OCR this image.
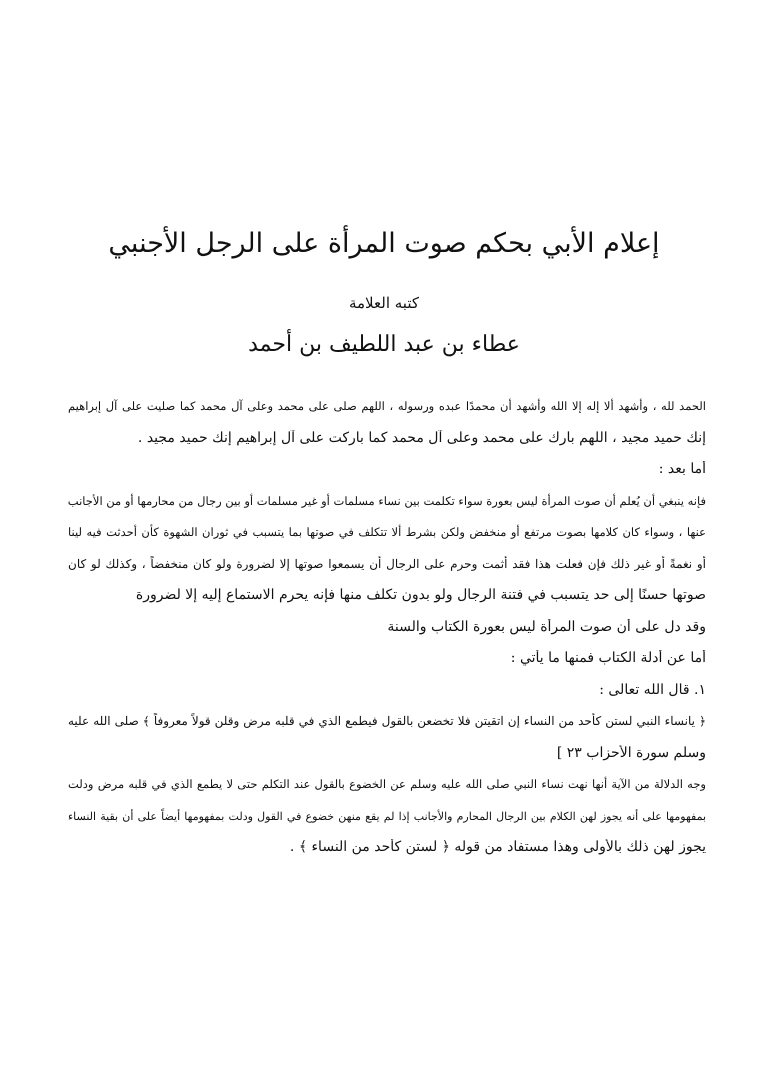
إعلام الأبي بحكم صوت المرأة على الرجل الأجنبي
كتبه العلامة
عطاء بن عبد اللطيف بن أحمد
الحمد لله ، وأشهد ألا إله إلا الله وأشهد أن محمدًا عبده ورسوله ، اللهم صلى على محمد وعلى آل محمد كما صليت على آل إبراهيم
إنك حميد مجيد ، اللهم بارك على محمد وعلى آل محمد كما باركت على آل إبراهيم إنك حميد مجيد .
أما بعد :
فإنه ينبغي أن يُعلم أن صوت المرأة ليس بعورة سواء تكلمت بين نساء مسلمات أو غير مسلمات أو بين رجال من محارمها أو من الأجانب
عنها ، وسواء كان كلامها بصوت مرتفع أو منخفض ولكن بشرط ألا تتكلف في صوتها بما يتسبب في ثوران الشهوة كأن أحدثت فيه لينا
أو نغمةً أو غير ذلك فإن فعلت هذا فقد أثمت وحرم على الرجال أن يسمعوا صوتها إلا لضرورة ولو كان منخفضاً ، وكذلك لو كان
صوتها حسنًا إلى حد يتسبب في فتنة الرجال ولو بدون تكلف منها فإنه يحرم الاستماع إليه إلا لضرورة
وقد دل على أن صوت المرأة ليس بعورة الكتاب والسنة
أما عن أدلة الكتاب فمنها ما يأتي :
١. قال الله تعالى :
﴿ يانساء النبي لستن كأحد من النساء إن اتقيتن فلا تخضعن بالقول فيطمع الذي في قلبه مرض وقلن قولاً معروفاً ﴾ صلى الله عليه
وسلم سورة الأحزاب ٢٣ ]
وجه الدلالة من الآية أنها نهت نساء النبي صلى الله عليه وسلم عن الخضوع بالقول عند التكلم حتى لا يطمع الذي في قلبه مرض ودلت
بمفهومها على أنه يجوز لهن الكلام بين الرجال المحارم والأجانب إذا لم يقع منهن خضوع في القول ودلت بمفهومها أيضاً على أن بقية النساء
يجوز لهن ذلك بالأولى وهذا مستفاد من قوله ﴿ لستن كأحد من النساء ﴾ .
